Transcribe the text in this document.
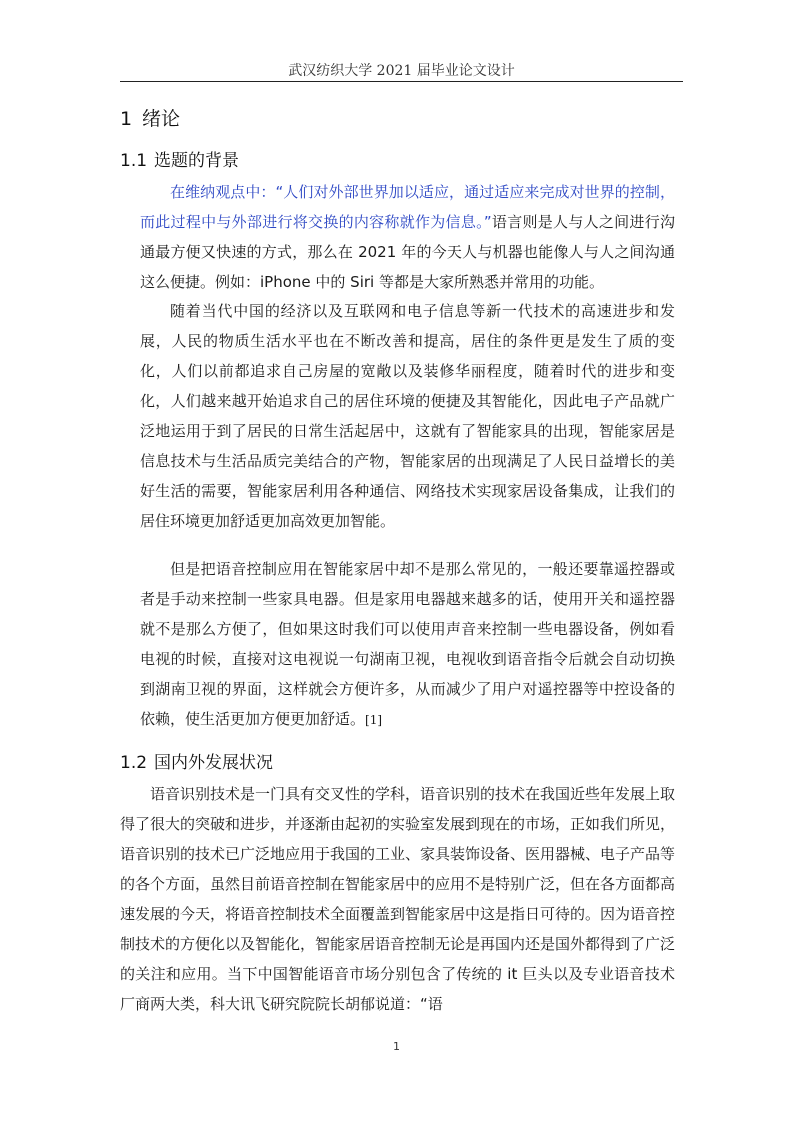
武汉纺织大学 2021 届毕业论文设计
1 绪论
1.1 选题的背景

在维纳观点中：“人们对外部世界加以适应，通过适应来完成对世界的控制，而此过程中与外部进行将交换的内容称就作为信息。”语言则是人与人之间进行沟通最方便又快速的方式，那么在 2021 年的今天人与机器也能像人与人之间沟通这么便捷。例如：iPhone 中的 Siri 等都是大家所熟悉并常用的功能。

随着当代中国的经济以及互联网和电子信息等新一代技术的高速进步和发展，人民的物质生活水平也在不断改善和提高，居住的条件更是发生了质的变化，人们以前都追求自己房屋的宽敞以及装修华丽程度，随着时代的进步和变化，人们越来越开始追求自己的居住环境的便捷及其智能化，因此电子产品就广泛地运用于到了居民的日常生活起居中，这就有了智能家具的出现，智能家居是信息技术与生活品质完美结合的产物，智能家居的出现满足了人民日益增长的美好生活的需要，智能家居利用各种通信、网络技术实现家居设备集成，让我们的居住环境更加舒适更加高效更加智能。

但是把语音控制应用在智能家居中却不是那么常见的，一般还要靠遥控器或者是手动来控制一些家具电器。但是家用电器越来越多的话，使用开关和遥控器就不是那么方便了，但如果这时我们可以使用声音来控制一些电器设备，例如看电视的时候，直接对这电视说一句湖南卫视，电视收到语音指令后就会自动切换到湖南卫视的界面，这样就会方便许多，从而减少了用户对遥控器等中控设备的依赖，使生活更加方便更加舒适。[1]

1.2 国内外发展状况

语音识别技术是一门具有交叉性的学科，语音识别的技术在我国近些年发展上取得了很大的突破和进步，并逐渐由起初的实验室发展到现在的市场，正如我们所见，语音识别的技术已广泛地应用于我国的工业、家具装饰设备、医用器械、电子产品等的各个方面，虽然目前语音控制在智能家居中的应用不是特别广泛，但在各方面都高速发展的今天，将语音控制技术全面覆盖到智能家居中这是指日可待的。因为语音控制技术的方便化以及智能化，智能家居语音控制无论是再国内还是国外都得到了广泛的关注和应用。当下中国智能语音市场分别包含了传统的 it 巨头以及专业语音技术厂商两大类，科大讯飞研究院院长胡郁说道：“语

1
